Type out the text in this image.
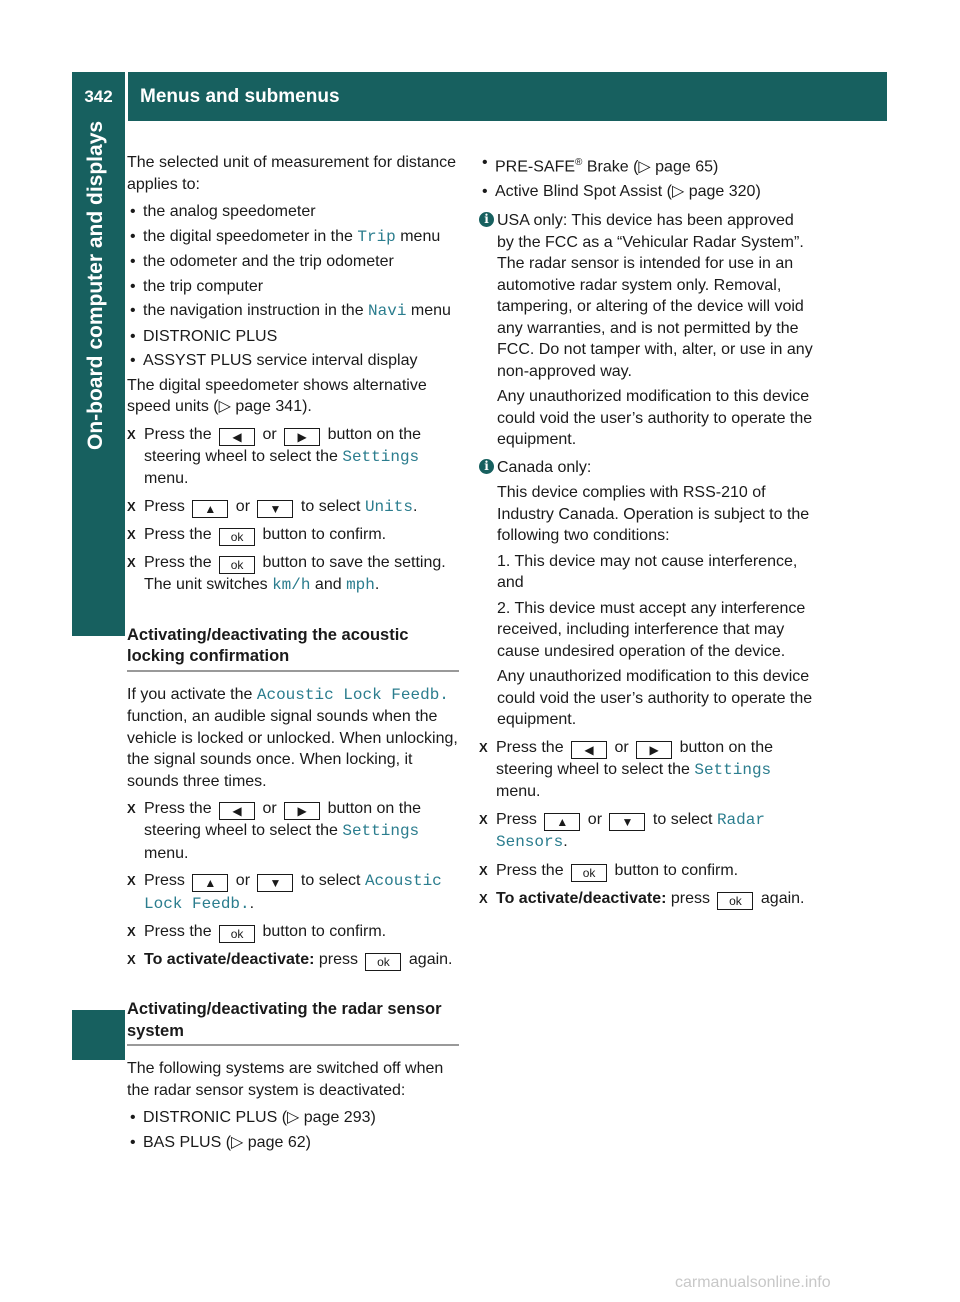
342	Menus and submenus
On-board computer and displays	The selected unit of measurement for distance applies to:

• the analog speedometer
• the digital speedometer in the Trip menu
• the odometer and the trip odometer
• the trip computer
• the navigation instruction in the Navi menu
• DISTRONIC PLUS
• ASSYST PLUS service interval display

The digital speedometer shows alternative speed units (▷ page 341).

X Press the ◀ or ▶ button on the steering wheel to select the Settings menu.
X Press ▲ or ▼ to select Units.
X Press the ok button to confirm.
X Press the ok button to save the setting.
The unit switches km/h and mph.
Activating/deactivating the acoustic locking confirmation

If you activate the Acoustic Lock Feedb. function, an audible signal sounds when the vehicle is locked or unlocked. When unlocking, the signal sounds once. When locking, it sounds three times.

X Press the ◀ or ▶ button on the steering wheel to select the Settings menu.
X Press ▲ or ▼ to select Acoustic Lock Feedb..
X Press the ok button to confirm.
X To activate/deactivate: press ok again.
Activating/deactivating the radar sensor system

The following systems are switched off when the radar sensor system is deactivated:

• DISTRONIC PLUS (▷ page 293)
• BAS PLUS (▷ page 62)
• PRE-SAFE® Brake (▷ page 65)
• Active Blind Spot Assist (▷ page 320)
i USA only: This device has been approved by the FCC as a “Vehicular Radar System”. The radar sensor is intended for use in an automotive radar system only. Removal, tampering, or altering of the device will void any warranties, and is not permitted by the FCC. Do not tamper with, alter, or use in any non-approved way.

Any unauthorized modification to this device could void the user’s authority to operate the equipment.

i Canada only:

This device complies with RSS-210 of Industry Canada. Operation is subject to the following two conditions:

1. This device may not cause interference, and

2. This device must accept any interference received, including interference that may cause undesired operation of the device.

Any unauthorized modification to this device could void the user’s authority to operate the equipment.

X Press the ◀ or ▶ button on the steering wheel to select the Settings menu.
X Press ▲ or ▼ to select Radar Sensors.
X Press the ok button to confirm.
X To activate/deactivate: press ok again.
carmanualsonline.info
